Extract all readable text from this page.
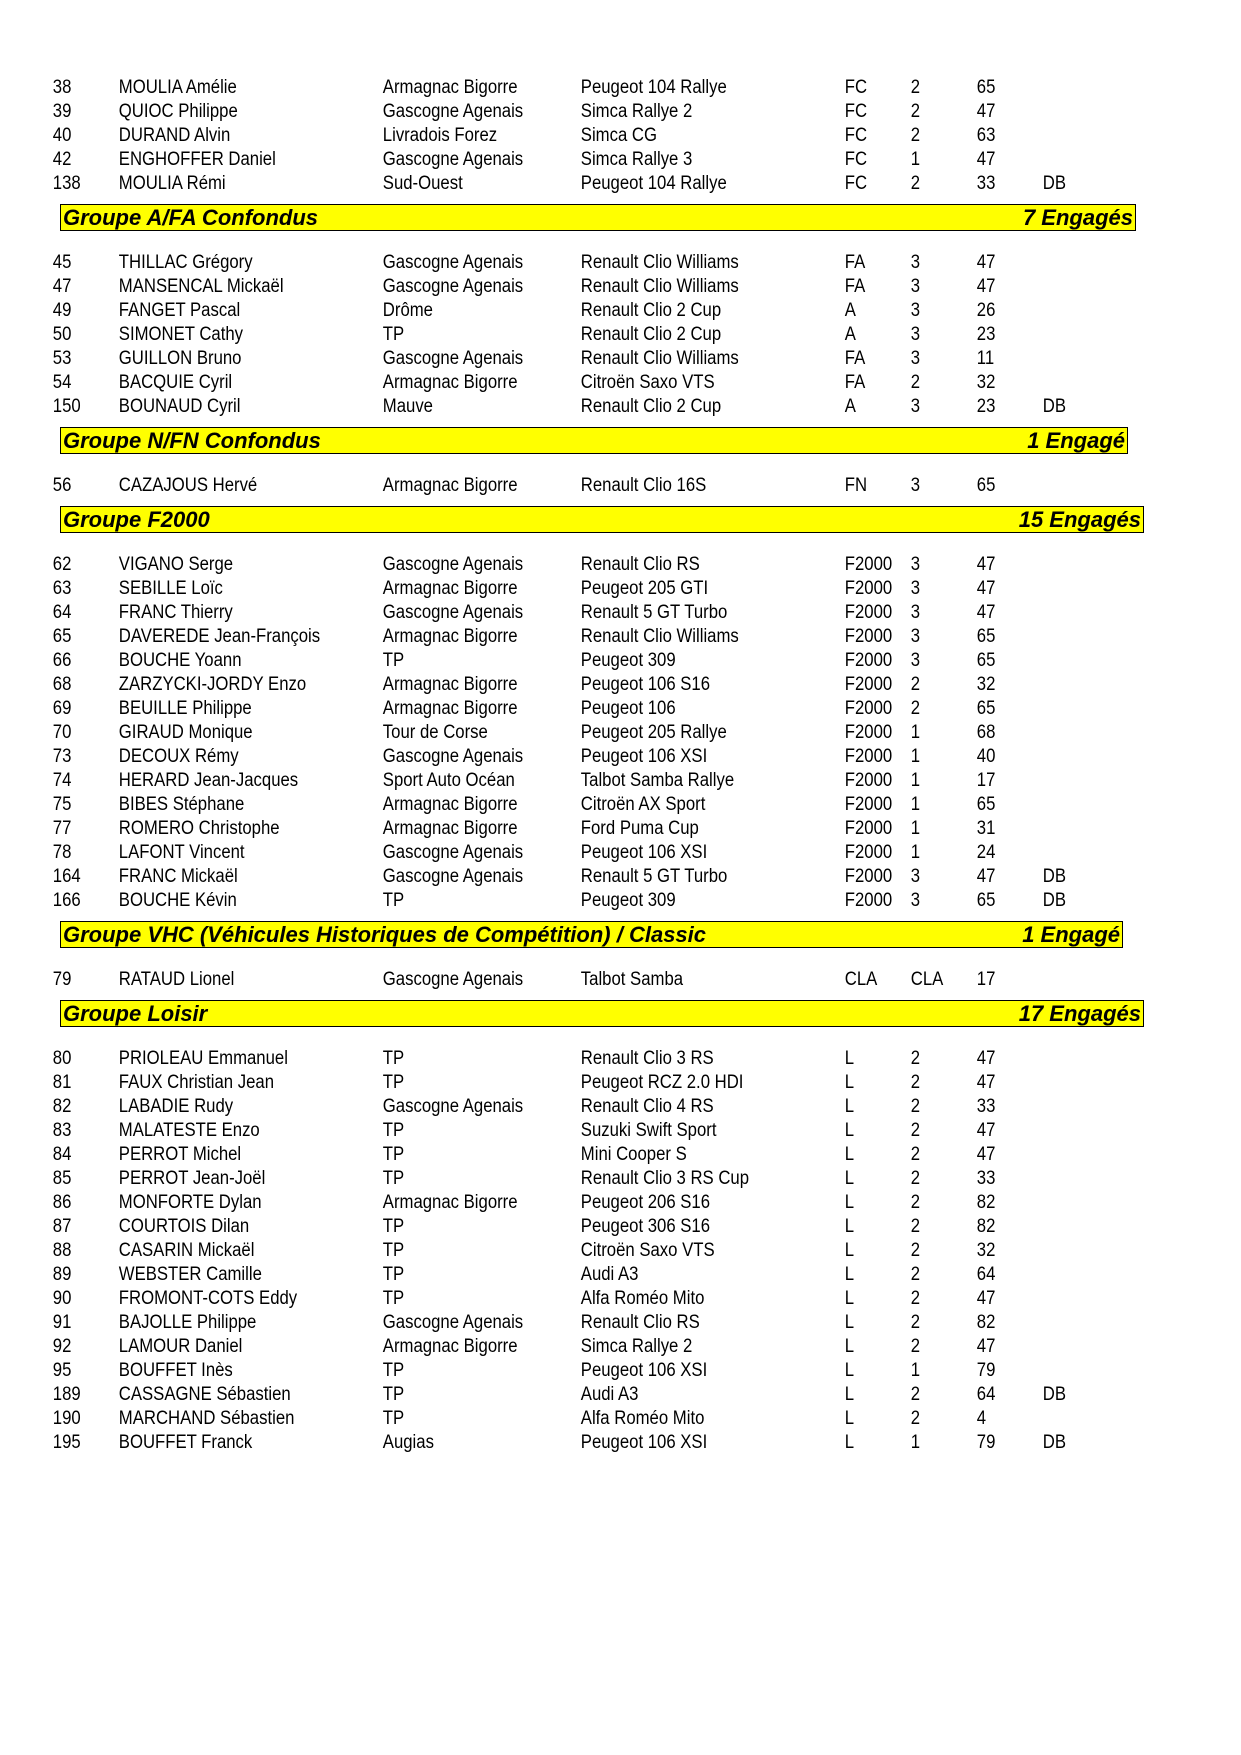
38 MOULIA Amélie	Armagnac Bigorre	Peugeot 104 Rallye	FC 2	65
39 QUIOC Philippe	Gascogne Agenais	Simca Rallye 2	FC 2	47
40 DURAND Alvin	Livradois Forez	Simca CG	FC 2	63
42 ENGHOFFER Daniel	Gascogne Agenais	Simca Rallye 3	FC 1	47
138 MOULIA Rémi	Sud-Ouest	Peugeot 104 Rallye	FC 2	33 DB
Groupe A/FA Confondus	7 Engagés
45 THILLAC Grégory	Gascogne Agenais	Renault Clio Williams	FA 3	47
47 MANSENCAL Mickaël	Gascogne Agenais	Renault Clio Williams	FA 3	47
49 FANGET Pascal	Drôme	Renault Clio 2 Cup	A	3	26
50 SIMONET Cathy	TP	Renault Clio 2 Cup	A	3	23
53 GUILLON Bruno	Gascogne Agenais	Renault Clio Williams	FA 3	11
54 BACQUIE Cyril	Armagnac Bigorre	Citroën Saxo VTS	FA 2	32
150 BOUNAUD Cyril	Mauve	Renault Clio 2 Cup	A	3	23 DB
Groupe N/FN Confondus	1 Engagé
56 CAZAJOUS Hervé	Armagnac Bigorre	Renault Clio 16S	FN 3	65
Groupe F2000	15 Engagés
62 VIGANO Serge	Gascogne Agenais	Renault Clio RS	F2000 3	47
63 SEBILLE Loïc	Armagnac Bigorre	Peugeot 205 GTI	F2000 3	47
64 FRANC Thierry	Gascogne Agenais	Renault 5 GT Turbo	F2000 3	47
65 DAVEREDE Jean-François	Armagnac Bigorre	Renault Clio Williams	F2000 3	65
66 BOUCHE Yoann	TP	Peugeot 309	F2000 3	65
68 ZARZYCKI-JORDY Enzo	Armagnac Bigorre	Peugeot 106 S16	F2000 2	32
69 BEUILLE Philippe	Armagnac Bigorre	Peugeot 106	F2000 2	65
70 GIRAUD Monique	Tour de Corse	Peugeot 205 Rallye	F2000 1	68
73 DECOUX Rémy	Gascogne Agenais	Peugeot 106 XSI	F2000 1	40
74 HERARD Jean-Jacques	Sport Auto Océan	Talbot Samba Rallye	F2000 1	17
75 BIBES Stéphane	Armagnac Bigorre	Citroën AX Sport	F2000 1	65
77 ROMERO Christophe	Armagnac Bigorre	Ford Puma Cup	F2000 1	31
78 LAFONT Vincent	Gascogne Agenais	Peugeot 106 XSI	F2000 1	24
164 FRANC Mickaël	Gascogne Agenais	Renault 5 GT Turbo	F2000 3	47 DB
166 BOUCHE Kévin	TP	Peugeot 309	F2000 3	65 DB
Groupe VHC (Véhicules Historiques de Compétition) / Classic	1 Engagé
79 RATAUD Lionel	Gascogne Agenais	Talbot Samba	CLA CLA 17
Groupe Loisir	17 Engagés
80 PRIOLEAU Emmanuel	TP	Renault Clio 3 RS	L	2	47
81 FAUX Christian Jean	TP	Peugeot RCZ 2.0 HDI	L	2	47
82 LABADIE Rudy	Gascogne Agenais	Renault Clio 4 RS	L	2	33
83 MALATESTE Enzo	TP	Suzuki Swift Sport	L	2	47
84 PERROT Michel	TP	Mini Cooper S	L	2	47
85 PERROT Jean-Joël	TP	Renault Clio 3 RS Cup	L	2	33
86 MONFORTE Dylan	Armagnac Bigorre	Peugeot 206 S16	L	2	82
87 COURTOIS Dilan	TP	Peugeot 306 S16	L	2	82
88 CASARIN Mickaël	TP	Citroën Saxo VTS	L	2	32
89 WEBSTER Camille	TP	Audi A3	L	2	64
90 FROMONT-COTS Eddy	TP	Alfa Roméo Mito	L	2	47
91 BAJOLLE Philippe	Gascogne Agenais	Renault Clio RS	L	2	82
92 LAMOUR Daniel	Armagnac Bigorre	Simca Rallye 2	L	2	47
95 BOUFFET Inès	TP	Peugeot 106 XSI	L	1	79
189 CASSAGNE Sébastien	TP	Audi A3	L	2	64 DB
190 MARCHAND Sébastien	TP	Alfa Roméo Mito	L	2	4
195 BOUFFET Franck	Augias	Peugeot 106 XSI	L	1	79 DB
